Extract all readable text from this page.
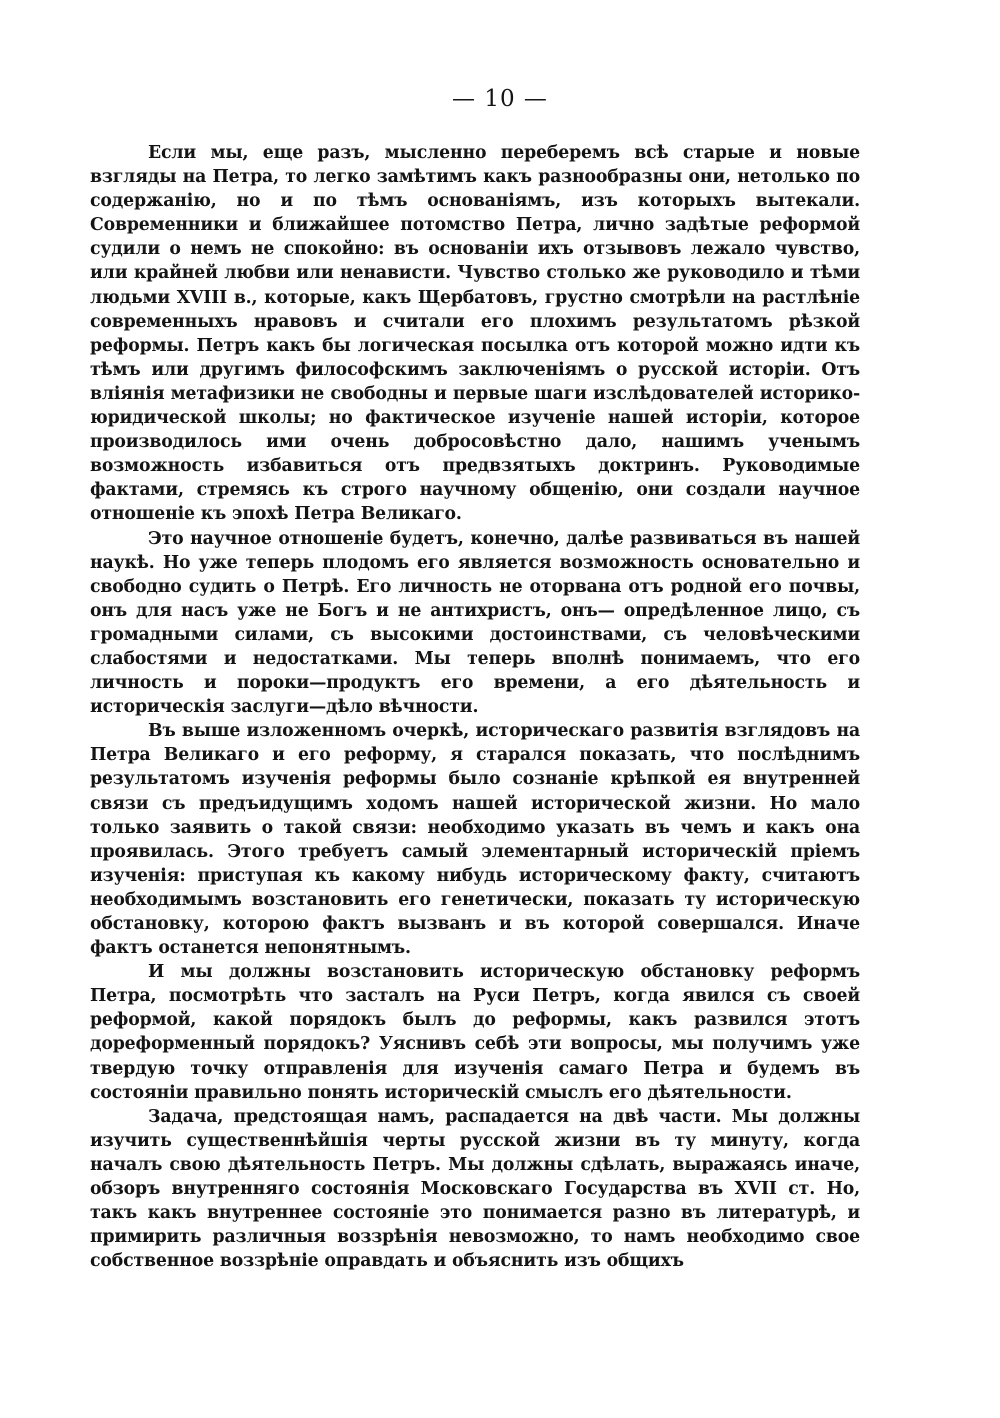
— 10 —

Если мы, еще разъ, мысленно переберемъ всѣ старые и новые взгляды на Петра, то легко замѣтимъ какъ разнообразны они, нетолько по содержанію, но и по тѣмъ основаніямъ, изъ которыхъ вытекали. Современники и ближайшее потомство Петра, лично задѣтые реформой судили о немъ не спокойно: въ основаніи ихъ отзывовъ лежало чувство, или крайней любви или ненависти. Чувство столько же руководило и тѣми людьми XVIII в., которые, какъ Щербатовъ, грустно смотрѣли на растлѣніе современныхъ нравовъ и считали его плохимъ результатомъ рѣзкой реформы. Петръ какъ бы логическая посылка отъ которой можно идти къ тѣмъ или другимъ философскимъ заключеніямъ о русской исторіи. Отъ вліянія метафизики не свободны и первые шаги изслѣдователей историко-юридической школы; но фактическое изученіе нашей исторіи, которое производилось ими очень добросовѣстно дало, нашимъ ученымъ возможность избавиться отъ предвзятыхъ доктринъ. Руководимые фактами, стремясь къ строго научному общенію, они создали научное отношеніе къ эпохѣ Петра Великаго.

Это научное отношеніе будетъ, конечно, далѣе развиваться въ нашей наукѣ. Но уже теперь плодомъ его является возможность основательно и свободно судить о Петрѣ. Его личность не оторвана отъ родной его почвы, онъ для насъ уже не Богъ и не антихристъ, онъ— опредѣленное лицо, съ громадными силами, съ высокими достоинствами, съ человѣческими слабостями и недостатками. Мы теперь вполнѣ понимаемъ, что его личность и пороки—продуктъ его времени, а его дѣятельность и историческія заслуги—дѣло вѣчности.

Въ выше изложенномъ очеркѣ, историческаго развитія взглядовъ на Петра Великаго и его реформу, я старался показать, что послѣднимъ результатомъ изученія реформы было сознаніе крѣпкой ея внутренней связи съ предъидущимъ ходомъ нашей исторической жизни. Но мало только заявить о такой связи: необходимо указать въ чемъ и какъ она проявилась. Этого требуетъ самый элементарный историческій пріемъ изученія: приступая къ какому нибудь историческому факту, считаютъ необходимымъ возстановить его генетически, показать ту историческую обстановку, которою фактъ вызванъ и въ которой совершался. Иначе фактъ останется непонятнымъ.

И мы должны возстановить историческую обстановку реформъ Петра, посмотрѣть что засталъ на Руси Петръ, когда явился съ своей реформой, какой порядокъ былъ до реформы, какъ развился этотъ дореформенный порядокъ? Уяснивъ себѣ эти вопросы, мы получимъ уже твердую точку отправленія для изученія самаго Петра и будемъ въ состояніи правильно понять историческій смыслъ его дѣятельности.

Задача, предстоящая намъ, распадается на двѣ части. Мы должны изучить существеннѣйшія черты русской жизни въ ту минуту, когда началъ свою дѣятельность Петръ. Мы должны сдѣлать, выражаясь иначе, обзоръ внутренняго состоянія Московскаго Государства въ XVII ст. Но, такъ какъ внутреннее состояніе это понимается разно въ литературѣ, и примирить различныя воззрѣнія невозможно, то намъ необходимо свое собственное воззрѣніе оправдать и объяснить изъ общихъ
